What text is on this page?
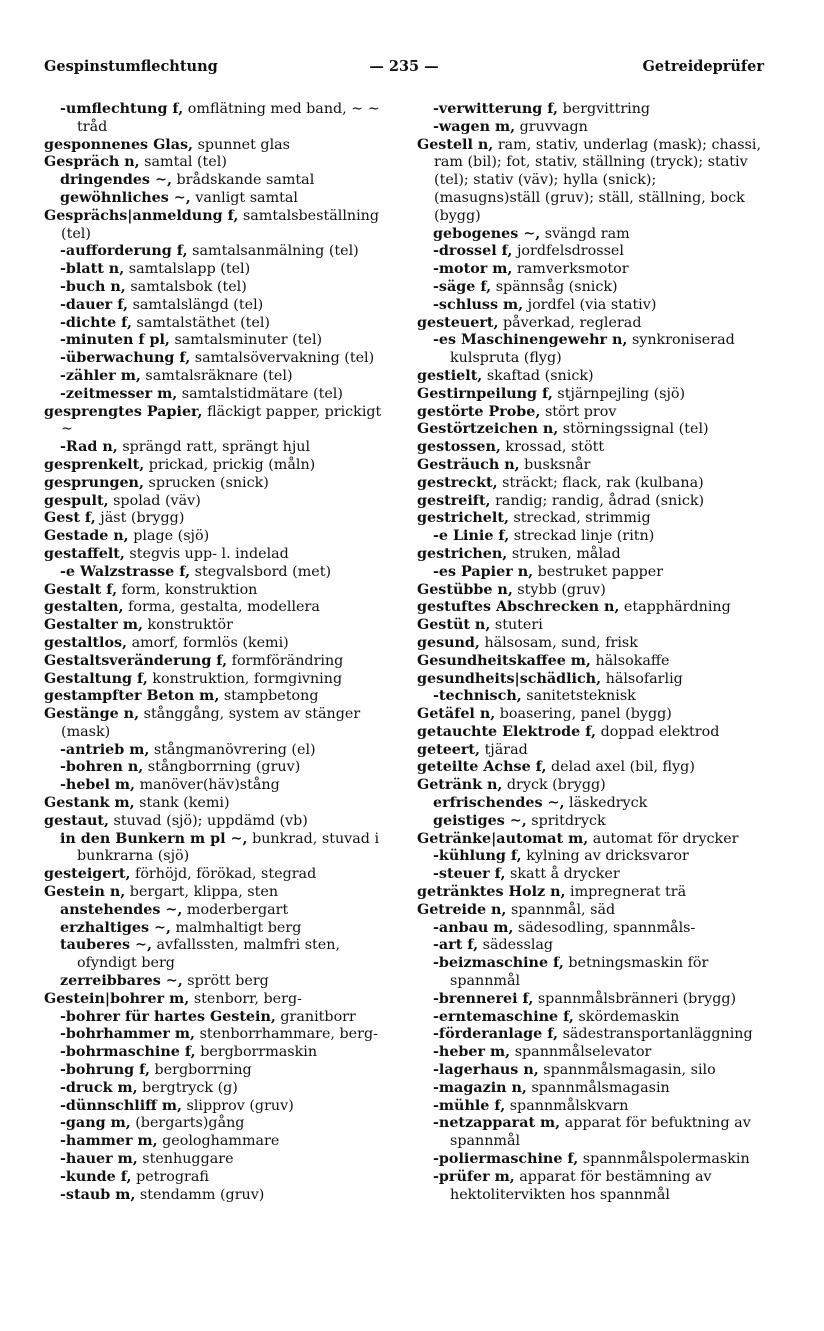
Gespinstumflechtung	— 235 —	Getreideprüfer

-umflechtung f, omflätning med band, ∼ ∼ tråd

gesponnenes Glas, spunnet glas

Gespräch n, samtal (tel)

dringendes ∼, brådskande samtal

gewöhnliches ∼, vanligt samtal

Gesprächs|anmeldung f, samtalsbeställning (tel)

-aufforderung f, samtalsanmälning (tel)

-blatt n, samtalslapp (tel)

-buch n, samtalsbok (tel)

-dauer f, samtalslängd (tel)

-dichte f, samtalstäthet (tel)

-minuten f pl, samtalsminuter (tel)

-überwachung f, samtalsövervakning (tel)

-zähler m, samtalsräknare (tel)

-zeitmesser m, samtalstidmätare (tel)

gesprengtes Papier, fläckigt papper, prickigt ∼

-Rad n, sprängd ratt, sprängt hjul

gesprenkelt, prickad, prickig (måln)

gesprungen, sprucken (snick)

gespult, spolad (väv)

Gest f, jäst (brygg)

Gestade n, plage (sjö)

gestaffelt, stegvis upp- l. indelad

-e Walzstrasse f, stegvalsbord (met)

Gestalt f, form, konstruktion

gestalten, forma, gestalta, modellera

Gestalter m, konstruktör

gestaltlos, amorf, formlös (kemi)

Gestaltsveränderung f, formförändring

Gestaltung f, konstruktion, formgivning

gestampfter Beton m, stampbetong

Gestänge n, stånggång, system av stänger (mask)

-antrieb m, stångmanövrering (el)

-bohren n, stångborrning (gruv)

-hebel m, manöver(häv)stång

Gestank m, stank (kemi)

gestaut, stuvad (sjö); uppdämd (vb)

in den Bunkern m pl ∼, bunkrad, stuvad i bunkrarna (sjö)

gesteigert, förhöjd, förökad, stegrad

Gestein n, bergart, klippa, sten

anstehendes ∼, moderbergart

erzhaltiges ∼, malmhaltigt berg

tauberes ∼, avfallssten, malmfri sten, ofyndigt berg

zerreibbares ∼, sprött berg

Gestein|bohrer m, stenborr, berg-

-bohrer für hartes Gestein, granitborr

-bohrhammer m, stenborrhammare, berg-

-bohrmaschine f, bergborrmaskin

-bohrung f, bergborrning

-druck m, bergtryck (g)

-dünnschliff m, slipprov (gruv)

-gang m, (bergarts)gång

-hammer m, geologhammare

-hauer m, stenhuggare

-kunde f, petrografi

-staub m, stendamm (gruv)

-verwitterung f, bergvittring

-wagen m, gruvvagn

Gestell n, ram, stativ, underlag (mask); chassi, ram (bil); fot, stativ, ställning (tryck); stativ (tel); stativ (väv); hylla (snick); (masugns)ställ (gruv); ställ, ställning, bock (bygg)

gebogenes ∼, svängd ram

-drossel f, jordfelsdrossel

-motor m, ramverksmotor

-säge f, spännsåg (snick)

-schluss m, jordfel (via stativ)

gesteuert, påverkad, reglerad

-es Maschinengewehr n, synkroniserad kulspruta (flyg)

gestielt, skaftad (snick)

Gestirnpeilung f, stjärnpejling (sjö)

gestörte Probe, stört prov

Gestörtzeichen n, störningssignal (tel)

gestossen, krossad, stött

Gesträuch n, busksnår

gestreckt, sträckt; flack, rak (kulbana)

gestreift, randig; randig, ådrad (snick)

gestrichelt, streckad, strimmig

-e Linie f, streckad linje (ritn)

gestrichen, struken, målad

-es Papier n, bestruket papper

Gestübbe n, stybb (gruv)

gestuftes Abschrecken n, etapphärdning

Gestüt n, stuteri

gesund, hälsosam, sund, frisk

Gesundheitskaffee m, hälsokaffe

gesundheits|schädlich, hälsofarlig

-technisch, sanitetsteknisk

Getäfel n, boasering, panel (bygg)

getauchte Elektrode f, doppad elektrod

geteert, tjärad

geteilte Achse f, delad axel (bil, flyg)

Getränk n, dryck (brygg)

erfrischendes ∼, läskedryck

geistiges ∼, spritdryck

Getränke|automat m, automat för drycker

-kühlung f, kylning av dricksvaror

-steuer f, skatt å drycker

getränktes Holz n, impregnerat trä

Getreide n, spannmål, säd

-anbau m, sädesodling, spannmåls-

-art f, sädesslag

-beizmaschine f, betningsmaskin för spannmål

-brennerei f, spannmålsbränneri (brygg)

-erntemaschine f, skördemaskin

-förderanlage f, sädestransportanläggning

-heber m, spannmålselevator

-lagerhaus n, spannmålsmagasin, silo

-magazin n, spannmålsmagasin

-mühle f, spannmålskvarn

-netzapparat m, apparat för befuktning av spannmål

-poliermaschine f, spannmålspolermaskin

-prüfer m, apparat för bestämning av hektolitervikten hos spannmål
